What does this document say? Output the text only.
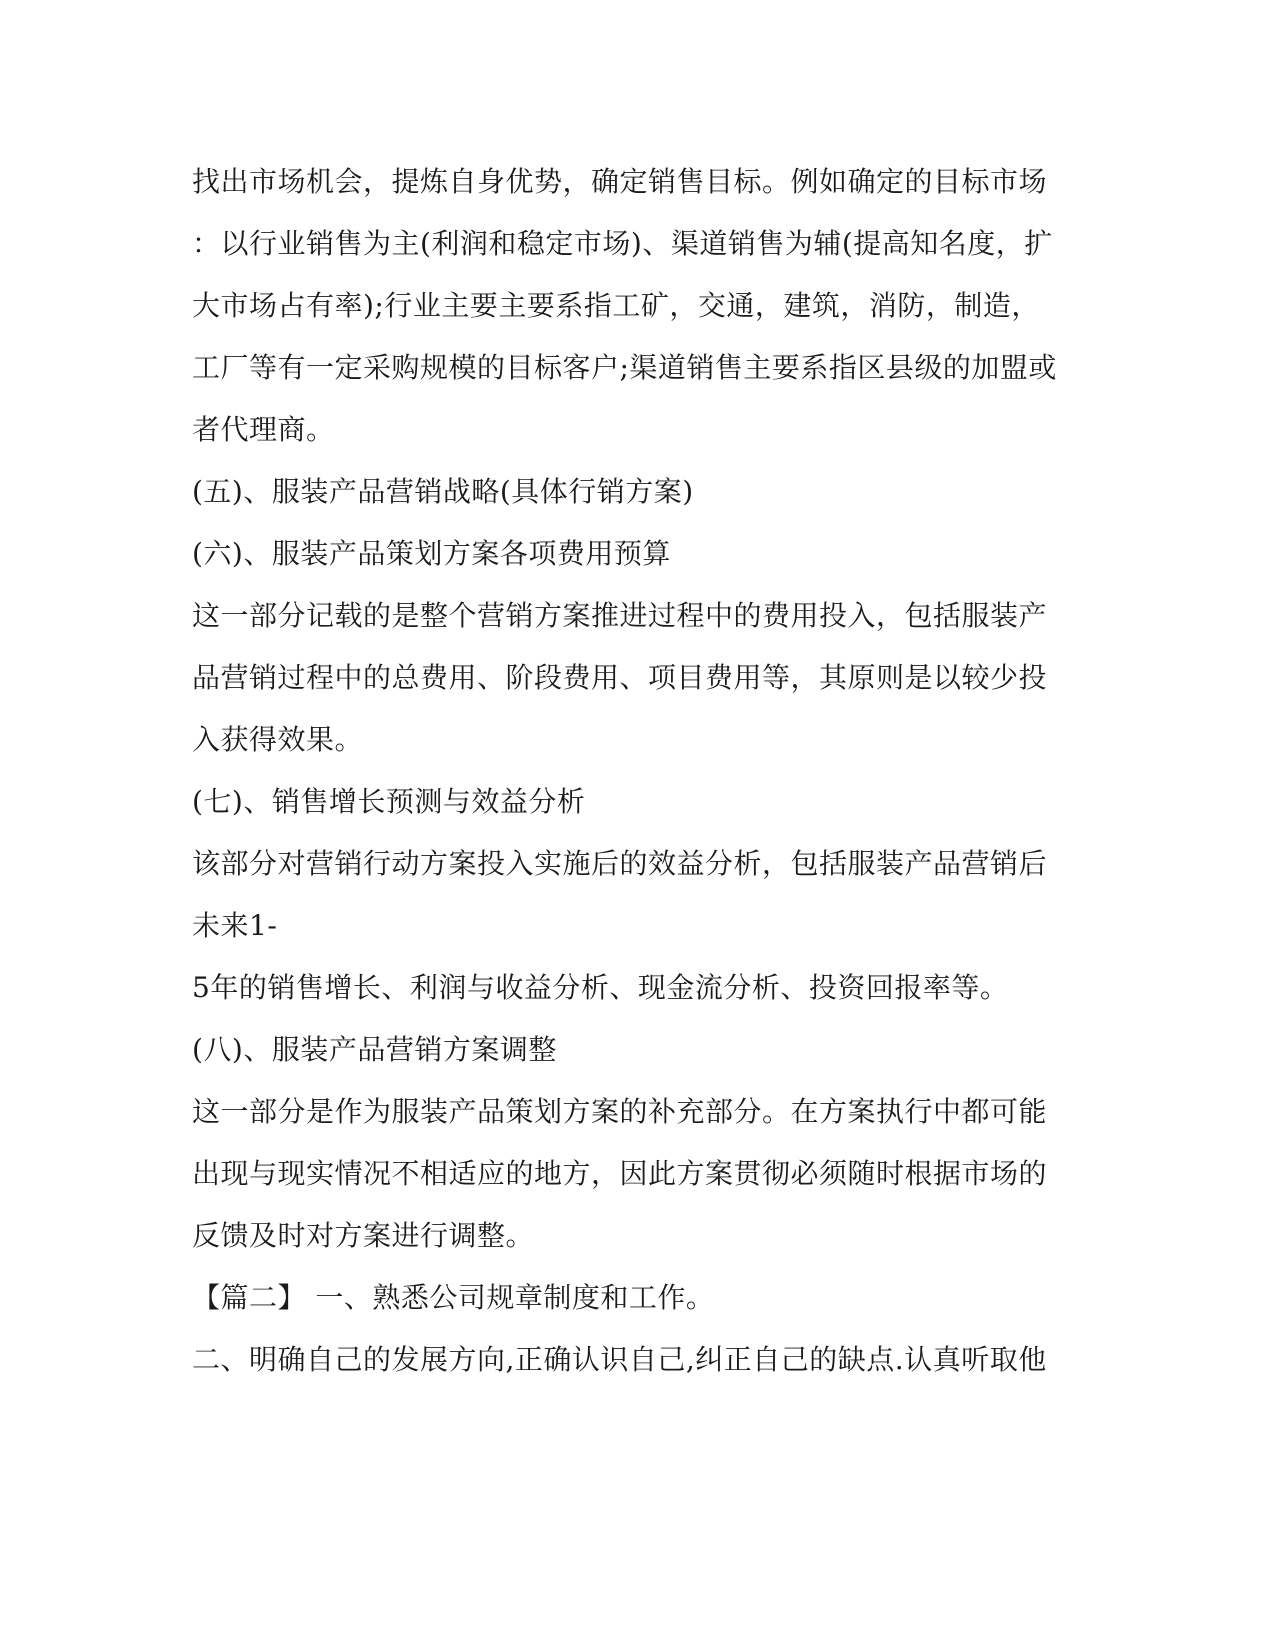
找出市场机会，提炼自身优势，确定销售目标。例如确定的目标市场
：以行业销售为主(利润和稳定市场)、渠道销售为辅(提高知名度，扩
大市场占有率);行业主要主要系指工矿，交通，建筑，消防，制造，
工厂等有一定采购规模的目标客户;渠道销售主要系指区县级的加盟或
者代理商。
(五)、服装产品营销战略(具体行销方案)
(六)、服装产品策划方案各项费用预算
这一部分记载的是整个营销方案推进过程中的费用投入，包括服装产
品营销过程中的总费用、阶段费用、项目费用等，其原则是以较少投
入获得效果。
(七)、销售增长预测与效益分析
该部分对营销行动方案投入实施后的效益分析，包括服装产品营销后
未来1-
5年的销售增长、利润与收益分析、现金流分析、投资回报率等。
(八)、服装产品营销方案调整
这一部分是作为服装产品策划方案的补充部分。在方案执行中都可能
出现与现实情况不相适应的地方，因此方案贯彻必须随时根据市场的
反馈及时对方案进行调整。
【篇二】 一、熟悉公司规章制度和工作。
二、明确自己的发展方向,正确认识自己,纠正自己的缺点.认真听取他
